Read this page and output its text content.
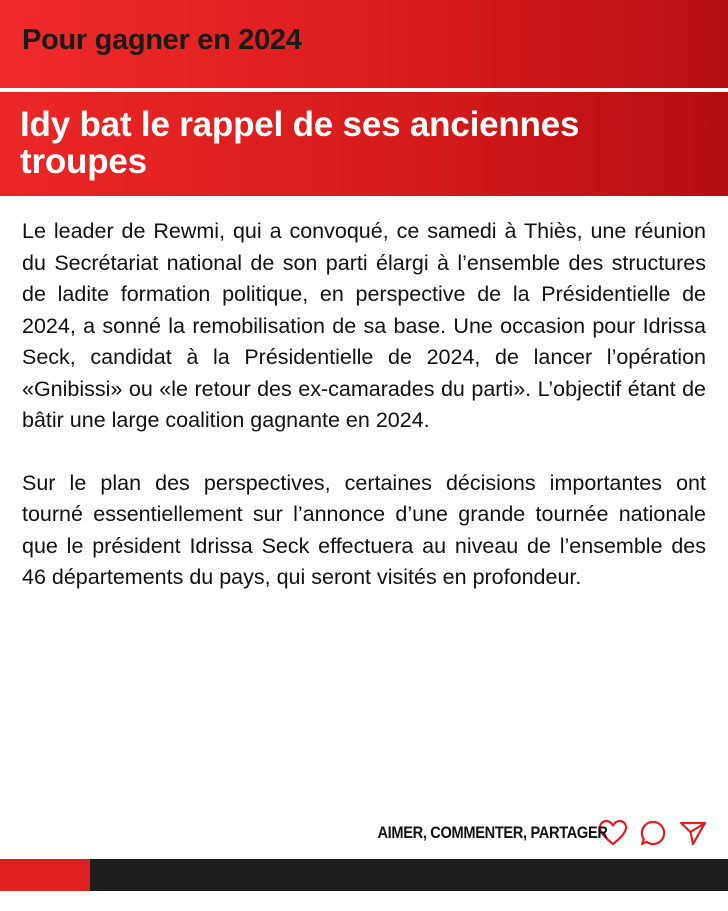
Pour gagner en 2024
Idy bat le rappel de ses anciennes troupes

Le leader de Rewmi, qui a convoqué, ce samedi à Thiès, une réunion du Secrétariat national de son parti élargi à l’ensemble des structures de ladite formation politique, en perspective de la Présidentielle de 2024, a sonné la remobilisation de sa base. Une occasion pour Idrissa Seck, candidat à la Présidentielle de 2024, de lancer l’opération «Gnibissi» ou «le retour des ex-camarades du parti». L’objectif étant de bâtir une large coalition gagnante en 2024.

Sur le plan des perspectives, certaines décisions importantes ont tourné essentiellement sur l’annonce d’une grande tournée nationale que le président Idrissa Seck effectuera au niveau de l’ensemble des 46 départements du pays, qui seront visités en profondeur.

AIMER, COMMENTER, PARTAGER
